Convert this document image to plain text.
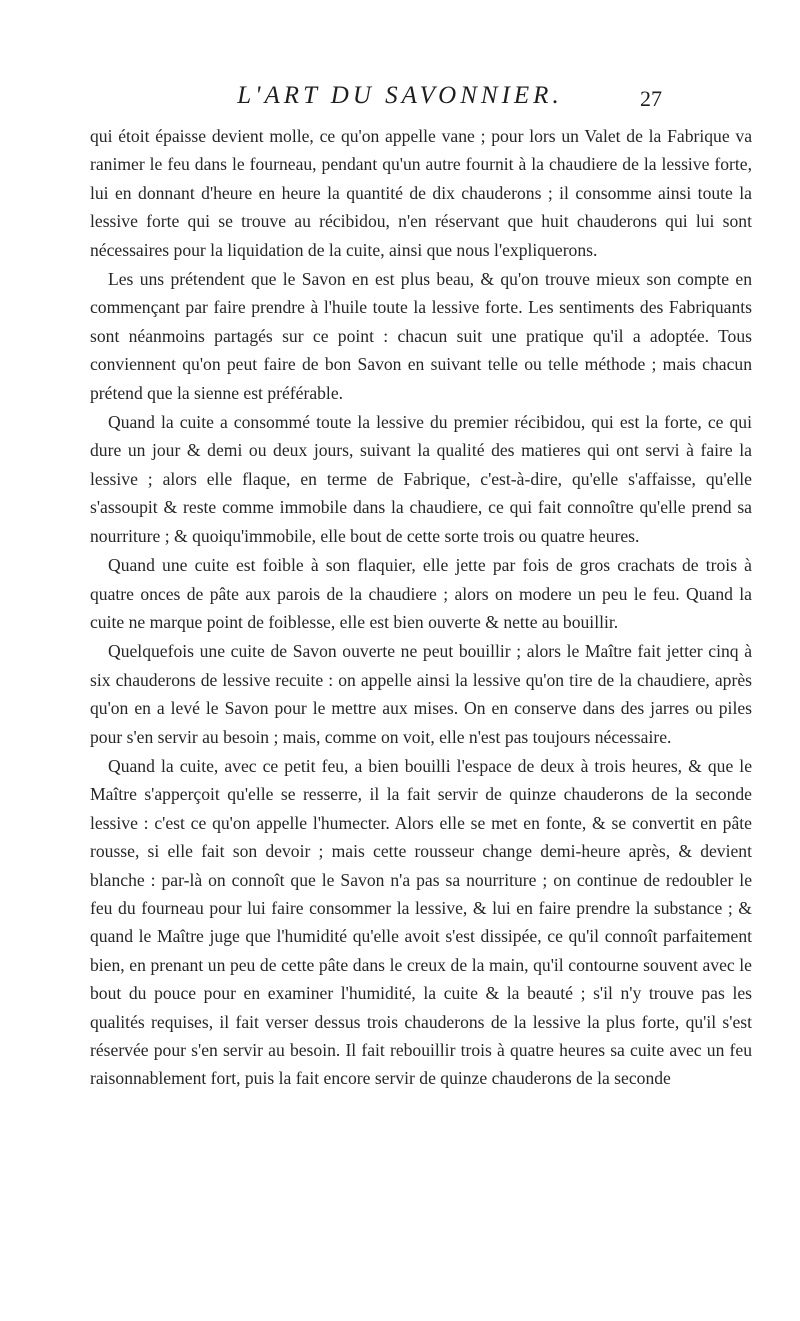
L'ART DU SAVONNIER.	27

qui étoit épaisse devient molle, ce qu'on appelle vane ; pour lors un Valet de la Fabrique va ranimer le feu dans le fourneau, pendant qu'un autre fournit à la chaudiere de la lessive forte, lui en donnant d'heure en heure la quantité de dix chauderons ; il consomme ainsi toute la lessive forte qui se trouve au récibidou, n'en réservant que huit chauderons qui lui sont nécessaires pour la liquidation de la cuite, ainsi que nous l'expliquerons.

Les uns prétendent que le Savon en est plus beau, & qu'on trouve mieux son compte en commençant par faire prendre à l'huile toute la lessive forte. Les sentiments des Fabriquants sont néanmoins partagés sur ce point : chacun suit une pratique qu'il a adoptée. Tous conviennent qu'on peut faire de bon Savon en suivant telle ou telle méthode ; mais chacun prétend que la sienne est préférable.

Quand la cuite a consommé toute la lessive du premier récibidou, qui est la forte, ce qui dure un jour & demi ou deux jours, suivant la qualité des matieres qui ont servi à faire la lessive ; alors elle flaque, en terme de Fabrique, c'est-à-dire, qu'elle s'affaisse, qu'elle s'assoupit & reste comme immobile dans la chaudiere, ce qui fait connoître qu'elle prend sa nourriture ; & quoiqu'immobile, elle bout de cette sorte trois ou quatre heures.

Quand une cuite est foible à son flaquier, elle jette par fois de gros crachats de trois à quatre onces de pâte aux parois de la chaudiere ; alors on modere un peu le feu. Quand la cuite ne marque point de foiblesse, elle est bien ouverte & nette au bouillir.

Quelquefois une cuite de Savon ouverte ne peut bouillir ; alors le Maître fait jetter cinq à six chauderons de lessive recuite : on appelle ainsi la lessive qu'on tire de la chaudiere, après qu'on en a levé le Savon pour le mettre aux mises. On en conserve dans des jarres ou piles pour s'en servir au besoin ; mais, comme on voit, elle n'est pas toujours nécessaire.

Quand la cuite, avec ce petit feu, a bien bouilli l'espace de deux à trois heures, & que le Maître s'apperçoit qu'elle se resserre, il la fait servir de quinze chauderons de la seconde lessive : c'est ce qu'on appelle l'humecter. Alors elle se met en fonte, & se convertit en pâte rousse, si elle fait son devoir ; mais cette rousseur change demi-heure après, & devient blanche : par-là on connoît que le Savon n'a pas sa nourriture ; on continue de redoubler le feu du fourneau pour lui faire consommer la lessive, & lui en faire prendre la substance ; & quand le Maître juge que l'humidité qu'elle avoit s'est dissipée, ce qu'il connoît parfaitement bien, en prenant un peu de cette pâte dans le creux de la main, qu'il contourne souvent avec le bout du pouce pour en examiner l'humidité, la cuite & la beauté ; s'il n'y trouve pas les qualités requises, il fait verser dessus trois chauderons de la lessive la plus forte, qu'il s'est réservée pour s'en servir au besoin. Il fait rebouillir trois à quatre heures sa cuite avec un feu raisonnablement fort, puis la fait encore servir de quinze chauderons de la seconde
